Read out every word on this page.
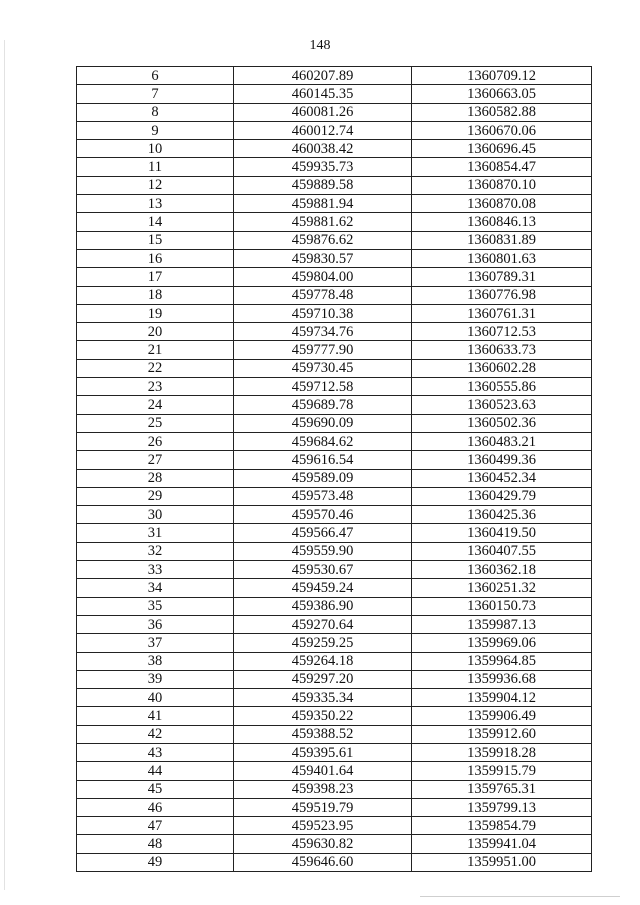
148
6	460207.89	1360709.12
7	460145.35	1360663.05
8	460081.26	1360582.88
9	460012.74	1360670.06
10	460038.42	1360696.45
11	459935.73	1360854.47
12	459889.58	1360870.10
13	459881.94	1360870.08
14	459881.62	1360846.13
15	459876.62	1360831.89
16	459830.57	1360801.63
17	459804.00	1360789.31
18	459778.48	1360776.98
19	459710.38	1360761.31
20	459734.76	1360712.53
21	459777.90	1360633.73
22	459730.45	1360602.28
23	459712.58	1360555.86
24	459689.78	1360523.63
25	459690.09	1360502.36
26	459684.62	1360483.21
27	459616.54	1360499.36
28	459589.09	1360452.34
29	459573.48	1360429.79
30	459570.46	1360425.36
31	459566.47	1360419.50
32	459559.90	1360407.55
33	459530.67	1360362.18
34	459459.24	1360251.32
35	459386.90	1360150.73
36	459270.64	1359987.13
37	459259.25	1359969.06
38	459264.18	1359964.85
39	459297.20	1359936.68
40	459335.34	1359904.12
41	459350.22	1359906.49
42	459388.52	1359912.60
43	459395.61	1359918.28
44	459401.64	1359915.79
45	459398.23	1359765.31
46	459519.79	1359799.13
47	459523.95	1359854.79
48	459630.82	1359941.04
49	459646.60	1359951.00
